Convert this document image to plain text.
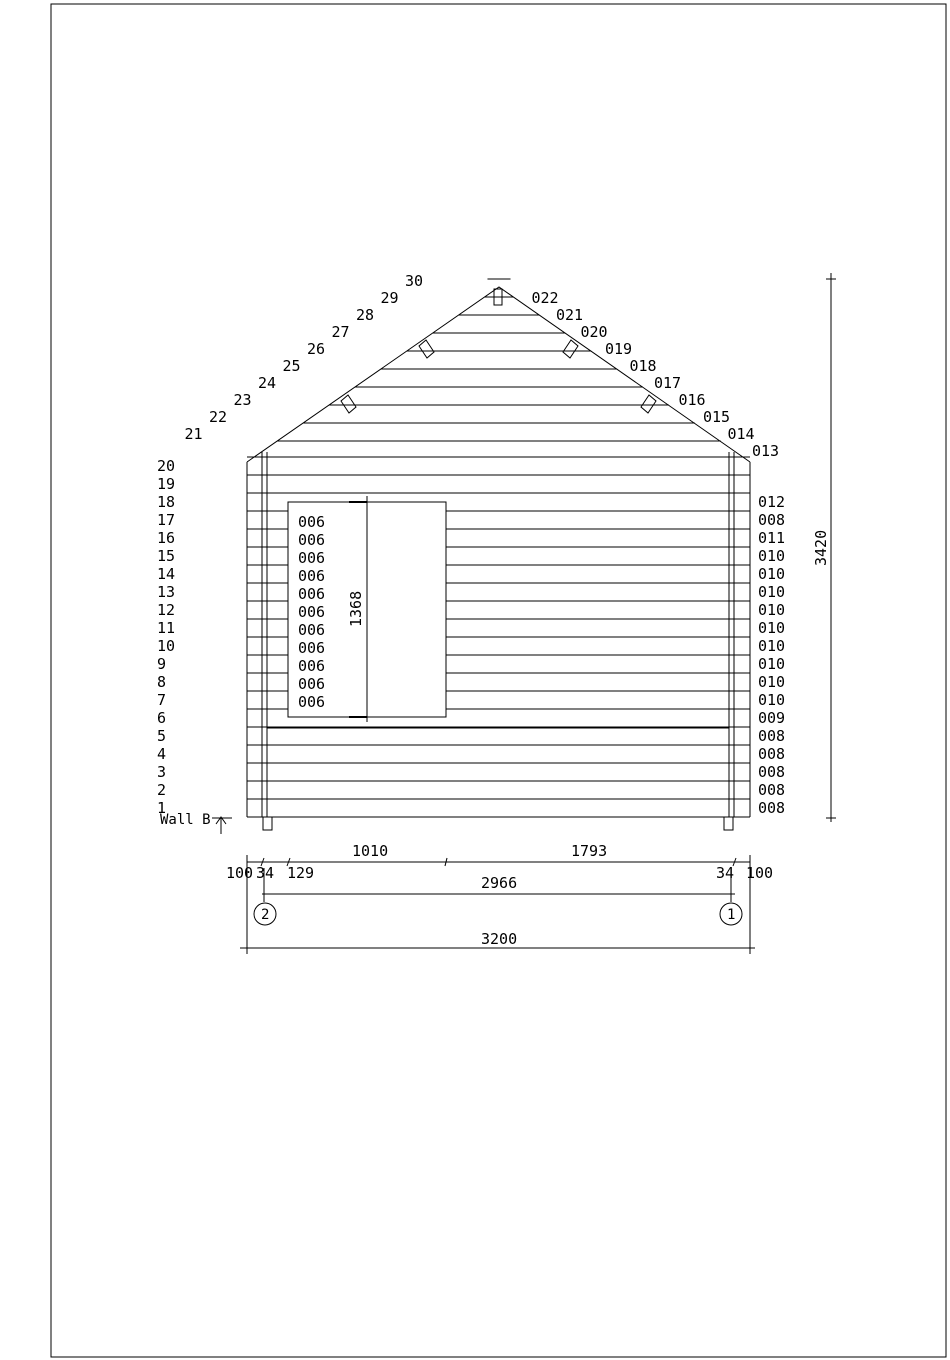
1368
006
006
006
006
006
006
006
006
006
006
006
1
2
3
4
5
6
7
8
9
10
11
12
13
14
15
16
17
18
19
20
21
22
23
24
25
26
27
28
29
30
008
008
008
008
008
009
010
010
010
010
010
010
010
010
010
011
008
012
013
014
015
016
017
018
019
020
021
022
Wall B
3420
1010	1793
100 34 129	34 100
2966
3200
2	1
